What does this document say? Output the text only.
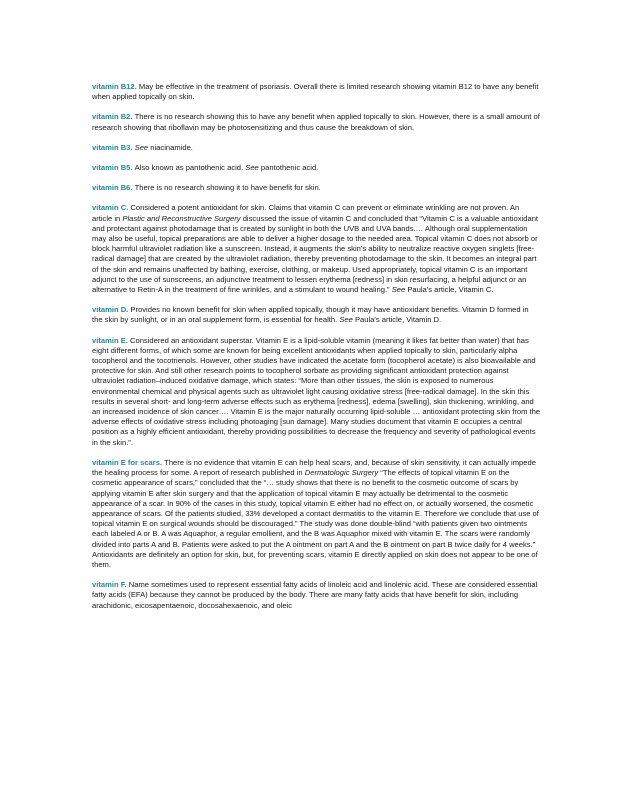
vitamin B12 . May be effective in the treatment of psoriasis. Overall there is limited research showing vitamin B12 to have any benefit when applied topically on skin.

vitamin B2 . There is no research showing this to have any benefit when applied topically to skin. However, there is a small amount of research showing that riboflavin may be photosensitizing and thus cause the breakdown of skin.

vitamin B3 . See niacinamide.

vitamin B5 . Also known as pantothenic acid. See pantothenic acid.

vitamin B6 . There is no research showing it to have benefit for skin.

vitamin C . Considered a potent antioxidant for skin. Claims that vitamin C can prevent or eliminate wrinkling are not proven. An article in Plastic and Reconstructive Surgery discussed the issue of vitamin C and concluded that “Vitamin C is a valuable antioxidant and protectant against photodamage that is created by sunlight in both the UVB and UVA bands.… Although oral supplementation may also be useful, topical preparations are able to deliver a higher dosage to the needed area. Topical vitamin C does not absorb or block harmful ultraviolet radiation like a sunscreen. Instead, it augments the skin's ability to neutralize reactive oxygen singlets [free-radical damage] that are created by the ultraviolet radiation, thereby preventing photodamage to the skin. It becomes an integral part of the skin and remains unaffected by bathing, exercise, clothing, or makeup. Used appropriately, topical vitamin C is an important adjunct to the use of sunscreens, an adjunctive treatment to lessen erythema [redness] in skin resurfacing, a helpful adjunct or an alternative to Retin-A in the treatment of fine wrinkles, and a stimulant to wound healing.” See Paula's article, Vitamin C.

vitamin D . Provides no known benefit for skin when applied topically, though it may have antioxidant benefits. Vitamin D formed in the skin by sunlight, or in an oral supplement form, is essential for health. See Paula's article, Vitamin D.

vitamin E . Considered an antioxidant superstar. Vitamin E is a lipid-soluble vitamin (meaning it likes fat better than water) that has eight different forms, of which some are known for being excellent antioxidants when applied topically to skin, particularly alpha tocopherol and the tocotrienols. However, other studies have indicated the acetate form (tocopherol acetate) is also bioavailable and protective for skin. And still other research points to tocopherol sorbate as providing significant antioxidant protection against ultraviolet radiation–induced oxidative damage, which states: “More than other tissues, the skin is exposed to numerous environmental chemical and physical agents such as ultraviolet light causing oxidative stress [free-radical damage]. In the skin this results in several short- and long-term adverse effects such as erythema [redness], edema [swelling], skin thickening, wrinkling, and an increased incidence of skin cancer…. Vitamin E is the major naturally occurring lipid-soluble … antioxidant protecting skin from the adverse effects of oxidative stress including photoaging [sun damage]. Many studies document that vitamin E occupies a central position as a highly efficient antioxidant, thereby providing possibilities to decrease the frequency and severity of pathological events in the skin.”.

vitamin E for scars . There is no evidence that vitamin E can help heal scars, and, because of skin sensitivity, it can actually impede the healing process for some. A report of research published in Dermatologic Surgery “The effects of topical vitamin E on the cosmetic appearance of scars,” concluded that the “… study shows that there is no benefit to the cosmetic outcome of scars by applying vitamin E after skin surgery and that the application of topical vitamin E may actually be detrimental to the cosmetic appearance of a scar. In 90% of the cases in this study, topical vitamin E either had no effect on, or actually worsened, the cosmetic appearance of scars. Of the patients studied, 33% developed a contact dermatitis to the vitamin E. Therefore we conclude that use of topical vitamin E on surgical wounds should be discouraged.” The study was done double-blind “with patients given two ointments each labeled A or B. A was Aquaphor, a regular emollient, and the B was Aquaphor mixed with vitamin E. The scars were randomly divided into parts A and B. Patients were asked to put the A ointment on part A and the B ointment on part B twice daily for 4 weeks.” Antioxidants are definitely an option for skin, but, for preventing scars, vitamin E directly applied on skin does not appear to be one of them.

vitamin F . Name sometimes used to represent essential fatty acids of linoleic acid and linolenic acid. These are considered essential fatty acids (EFA) because they cannot be produced by the body. There are many fatty acids that have benefit for skin, including arachidonic, eicosapentaenoic, docosahexaenoic, and oleic
